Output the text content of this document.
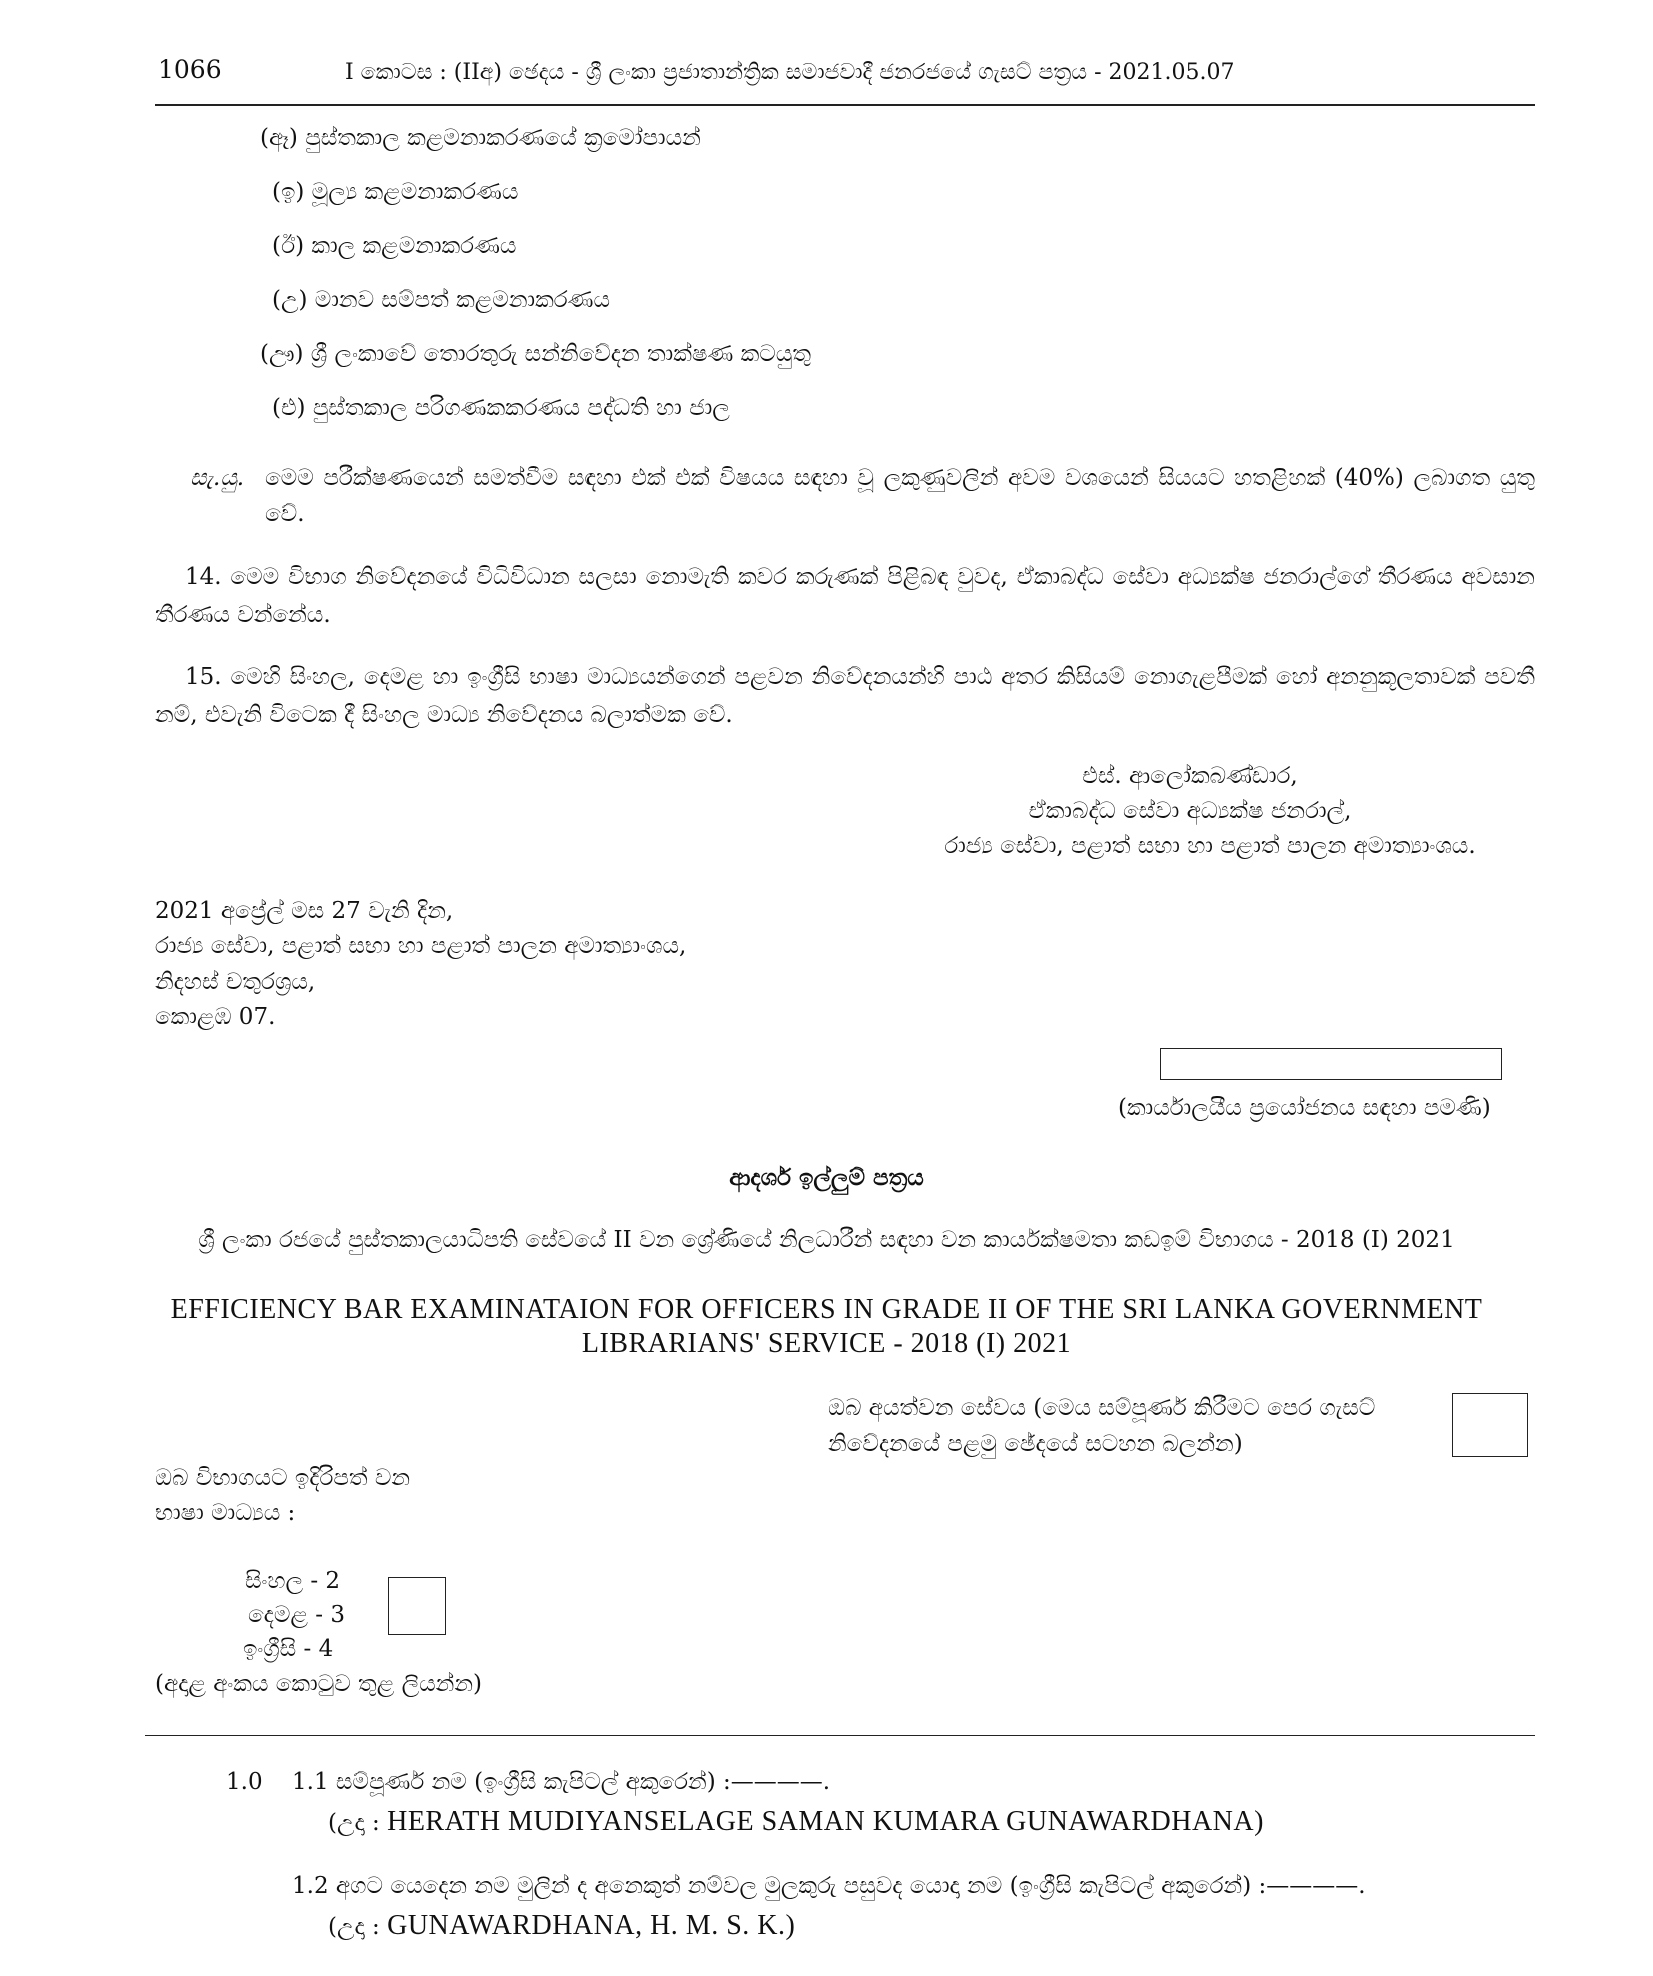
1066	I කොටස : (IIඅ) ඡෙදය - ශ්‍රී ලංකා ප්‍රජාතාන්ත්‍රික සමාජවාදී ජනරජයේ ගැසට් පත්‍රය - 2021.05.07
(ඈ) පුස්තකාල කළමනාකරණයේ ක්‍රමෝපායන්
(ඉ) මූල්‍ය කළමනාකරණය
(ඊ) කාල කළමනාකරණය
(උ) මානව සම්පත් කළමනාකරණය
(ඌ) ශ්‍රී ලංකාවේ තොරතුරු සන්නිවේදන තාක්ෂණ කටයුතු
(එ) පුස්තකාල පරිගණකකරණය පද්ධති හා ජාල
සැ.යු. මෙම පරීක්ෂණයෙන් සමත්වීම සඳහා එක් එක් විෂයය සඳහා වූ ලකුණුවලින් අවම වශයෙන් සියයට හතළිහක් (40%) ලබාගත යුතු වේ.
14. මෙම විභාග නිවේදනයේ විධිවිධාන සලසා නොමැති කවර කරුණක් පිළිබඳ වුවද, ඒකාබද්ධ සේවා අධ්‍යක්ෂ ජනරාල්ගේ තීරණය අවසාන තීරණය වන්නේය.
15. මෙහි සිංහල, දෙමළ හා ඉංග්‍රීසි භාෂා මාධ්‍යයන්ගෙන් පළවන නිවේදනයන්හි පාඨ අතර කිසියම් නොගැළපීමක් හෝ අනනුකූලතාවක් පවතී නම්, එවැනි විටෙක දී සිංහල මාධ්‍ය නිවේදනය බලාත්මක වේ.
එස්. ආලෝකබණ්ඩාර,
ඒකාබද්ධ සේවා අධ්‍යක්ෂ ජනරාල්,
රාජ්‍ය සේවා, පළාත් සභා හා පළාත් පාලන අමාත්‍යාංශය.
2021 අප්‍රේල් මස 27 වැනි දින,
රාජ්‍ය සේවා, පළාත් සභා හා පළාත් පාලන අමාත්‍යාංශය,
නිදහස් චතුරශ්‍රය,
කොළඹ 07.
(කාර්යාලයීය ප්‍රයෝජනය සඳහා පමණි)
ආදර්ශ ඉල්ලුම් පත්‍රය
ශ්‍රී ලංකා රජයේ පුස්තකාලයාධිපති සේවයේ II වන ශ්‍රේණියේ නිලධාරීන් සඳහා වන කාර්යක්ෂමතා කඩඉම් විභාගය - 2018 (I) 2021
EFFICIENCY BAR EXAMINATAION FOR OFFICERS IN GRADE II OF THE SRI LANKA GOVERNMENT
LIBRARIANS' SERVICE - 2018 (I) 2021
ඔබ අයත්වන සේවය (මෙය සම්පූර්ණ කිරීමට පෙර ගැසට්
නිවේදනයේ පළමු ඡේදයේ සටහන බලන්න)
ඔබ විභාගයට ඉදිරිපත් වන
භාෂා මාධ්‍යය :
සිංහල - 2
දෙමළ - 3
ඉංග්‍රීසි - 4
(අදාළ අංකය කොටුව තුළ ලියන්න)
1.0 1.1 සම්පූර්ණ නම (ඉංග්‍රීසි කැපිටල් අකුරෙන්) :————.
(උදා : HERATH MUDIYANSELAGE SAMAN KUMARA GUNAWARDHANA)
1.2 අගට යෙදෙන නම මුලින් ද අනෙකුත් නම්වල මුලකුරු පසුවද යොදා නම (ඉංග්‍රීසි කැපිටල් අකුරෙන්) :————.
(උදා : GUNAWARDHANA, H. M. S. K.)
